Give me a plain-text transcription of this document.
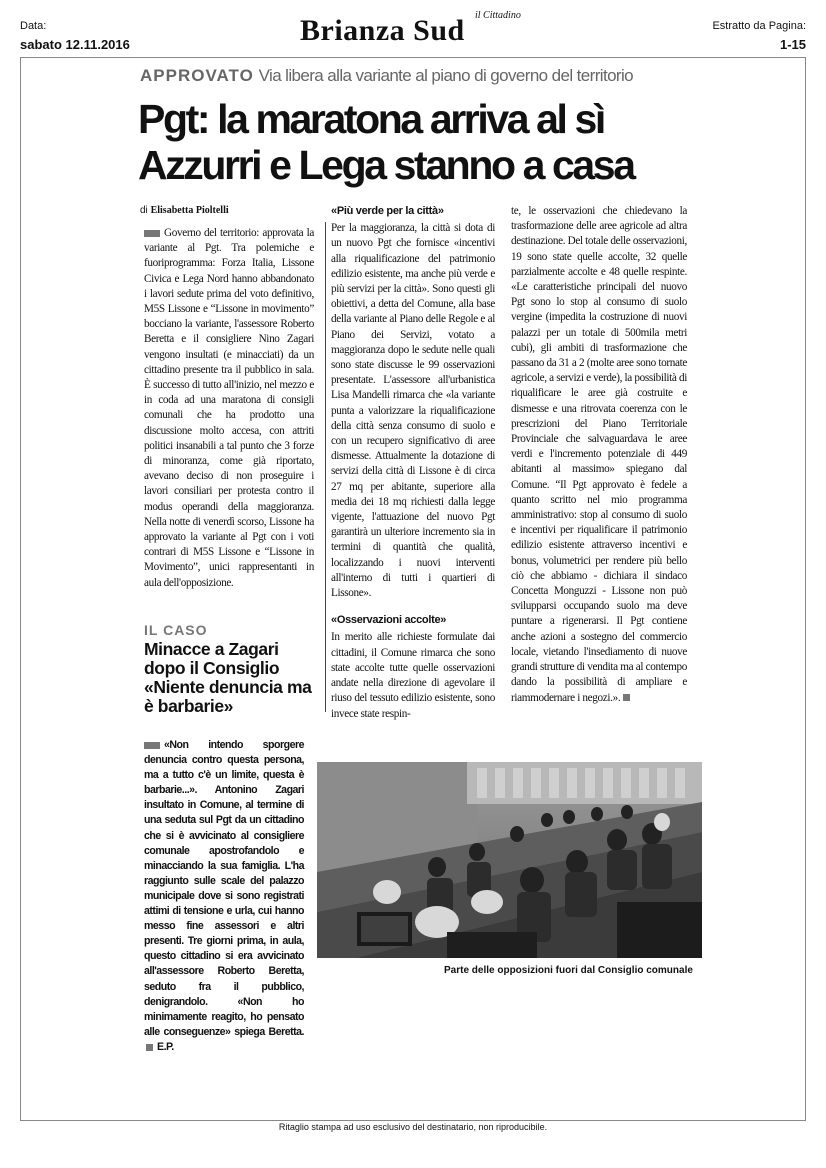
Data:
sabato 12.11.2016
il Cittadino
Brianza Sud	Estratto da Pagina:
1-15
APPROVATO Via libera alla variante al piano di governo del territorio
Pgt: la maratona arriva al sì
Azzurri e Lega stanno a casa
di Elisabetta Pioltelli

Governo del territorio: approvata la variante al Pgt. Tra polemiche e fuoriprogramma: Forza Italia, Lissone Civica e Lega Nord hanno abbandonato i lavori sedute prima del voto definitivo, M5S Lissone e “Lissone in movimento” bocciano la variante, l'assessore Roberto Beretta e il consigliere Nino Zagari vengono insultati (e minacciati) da un cittadino presente tra il pubblico in sala. È successo di tutto all'inizio, nel mezzo e in coda ad una maratona di consigli comunali che ha prodotto una discussione molto accesa, con attriti politici insanabili a tal punto che 3 forze di minoranza, come già riportato, avevano deciso di non proseguire i lavori consiliari per protesta contro il modus operandi della maggioranza. Nella notte di venerdì scorso, Lissone ha approvato la variante al Pgt con i voti contrari di M5S Lissone e “Lissone in Movimento”, unici rappresentanti in aula dell'opposizione.

«Più verde per la città»

Per la maggioranza, la città si dota di un nuovo Pgt che fornisce «incentivi alla riqualificazione del patrimonio edilizio esistente, ma anche più verde e più servizi per la città». Sono questi gli obiettivi, a detta del Comune, alla base della variante al Piano delle Regole e al Piano dei Servizi, votato a maggioranza dopo le sedute nelle quali sono state discusse le 99 osservazioni presentate. L'assessore all'urbanistica Lisa Mandelli rimarca che «la variante punta a valorizzare la riqualificazione della città senza consumo di suolo e con un recupero significativo di aree dismesse. Attualmente la dotazione di servizi della città di Lissone è di circa 27 mq per abitante, superiore alla media dei 18 mq richiesti dalla legge vigente, l'attuazione del nuovo Pgt garantirà un ulteriore incremento sia in termini di quantità che qualità, localizzando i nuovi interventi all'interno di tutti i quartieri di Lissone».

«Osservazioni accolte»

In merito alle richieste formulate dai cittadini, il Comune rimarca che sono state accolte tutte quelle osservazioni andate nella direzione di agevolare il riuso del tessuto edilizio esistente, sono invece state respin-

te, le osservazioni che chiedevano la trasformazione delle aree agricole ad altra destinazione. Del totale delle osservazioni, 19 sono state quelle accolte, 32 quelle parzialmente accolte e 48 quelle respinte. «Le caratteristiche principali del nuovo Pgt sono lo stop al consumo di suolo vergine (impedita la costruzione di nuovi palazzi per un totale di 500mila metri cubi), gli ambiti di trasformazione che passano da 31 a 2 (molte aree sono tornate agricole, a servizi e verde), la possibilità di riqualificare le aree già costruite e dismesse e una ritrovata coerenza con le prescrizioni del Piano Territoriale Provinciale che salvaguardava le aree verdi e l'incremento potenziale di 449 abitanti al massimo» spiegano dal Comune. “Il Pgt approvato è fedele a quanto scritto nel mio programma amministrativo: stop al consumo di suolo e incentivi per riqualificare il patrimonio edilizio esistente attraverso incentivi e bonus, volumetrici per rendere più bello ciò che abbiamo - dichiara il sindaco Concetta Monguzzi - Lissone non può svilupparsi occupando suolo ma deve puntare a rigenerarsi. Il Pgt contiene anche azioni a sostegno del commercio locale, vietando l'insediamento di nuove grandi strutture di vendita ma al contempo dando la possibilità di ampliare e riammodernare i negozi.».

IL CASO
Minacce a Zagari dopo il Consiglio «Niente denuncia ma è barbarie»
«Non intendo sporgere denuncia contro questa persona, ma a tutto c'è un limite, questa è barbarie...». Antonino Zagari insultato in Comune, al termine di una seduta sul Pgt da un cittadino che si è avvicinato al consigliere comunale apostrofandolo e minacciando la sua famiglia. L'ha raggiunto sulle scale del palazzo municipale dove si sono registrati attimi di tensione e urla, cui hanno messo fine assessori e altri presenti. Tre giorni prima, in aula, questo cittadino si era avvicinato all'assessore Roberto Beretta, seduto fra il pubblico, denigrandolo. «Non ho minimamente reagito, ho pensato alle conseguenze» spiega Beretta. E.P.
Parte delle opposizioni fuori dal Consiglio comunale
Ritaglio stampa ad uso esclusivo del destinatario, non riproducibile.
